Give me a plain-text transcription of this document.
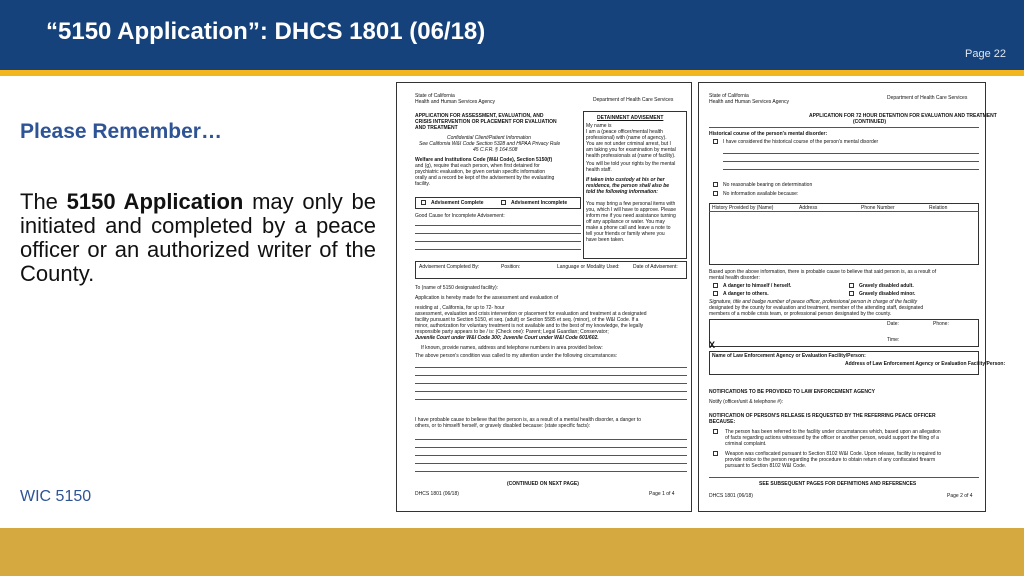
“5150 Application”: DHCS 1801 (06/18)
Page 22
Please Remember…
The 5150 Application may only be initiated and completed by a peace officer or an authorized writer of the County.
WIC 5150
State of California
Health and Human Services Agency	Department of Health Care Services
APPLICATION FOR ASSESSMENT, EVALUATION, AND
CRISIS INTERVENTION OR PLACEMENT FOR EVALUATION
AND TREATMENT
Confidential Client/Patient Information
See California W&I Code Section 5328 and HIPAA Privacy Rule
45 C.F.R. § 164.508
Welfare and Institutions Code (W&I Code), Section 5150(f)
and (g), require that each person, when first detained for
psychiatric evaluation, be given certain specific information
orally and a record be kept of the advisement by the evaluating
facility.
DETAINMENT ADVISEMENT
My name is
I am a (peace officer/mental health
professional) with (name of agency).
You are not under criminal arrest, but I
am taking you for examination by mental
health professionals at (name of facility).
You will be told your rights by the mental
health staff.
If taken into custody at his or her
residence, the person shall also be
told the following information:
You may bring a few personal items with
you, which I will have to approve. Please
inform me if you need assistance turning
off any appliance or water. You may
make a phone call and leave a note to
tell your friends or family where you
have been taken.
Advisement Complete	Advisement Incomplete
Good Cause for Incomplete Advisement:
Advisement Completed By:	Position:	Language or Modality Used:	Date of Advisement:
To (name of 5150 designated facility):
Application is hereby made for the assessment and evaluation of
residing at , California, for up to 72- hour
assessment, evaluation and crisis intervention or placement for evaluation and treatment at a designated
facility pursuant to Section 5150, et seq. (adult) or Section 5585 et seq. (minor), of the W&I Code. If a
minor, authorization for voluntary treatment is not available and to the best of my knowledge, the legally
responsible party appears to be / is: (Check one): Parent; Legal Guardian; Conservator;
Juvenile Court under W&I Code 300; Juvenile Court under W&I Code 601/602.
If known, provide names, address and telephone numbers in area provided below:
The above person's condition was called to my attention under the following circumstances:
I have probable cause to believe that the person is, as a result of a mental health disorder, a danger to
others, or to himself/ herself, or gravely disabled because: (state specific facts):
(CONTINUED ON NEXT PAGE)
DHCS 1801 (06/18)	Page 1 of 4
State of California
Health and Human Services Agency
Department of Health Care Services
APPLICATION FOR 72 HOUR DETENTION FOR EVALUATION AND TREATMENT
(CONTINUED)
Historical course of the person's mental disorder:
I have considered the historical course of the person's mental disorder
No reasonable bearing on determination
No information available because:
History Provided by (Name)	Address	Phone Number	Relation
Based upon the above information, there is probable cause to believe that said person is, as a result of
mental health disorder:
A danger to himself / herself.
A danger to others.
Gravely disabled adult.
Gravely disabled minor.
Signature, title and badge number of peace officer, professional person in charge of the facility
designated by the county for evaluation and treatment, member of the attending staff, designated
members of a mobile crisis team, or professional person designated by the county.
X
Date:	Phone:
Time:
Name of Law Enforcement Agency or Evaluation Facility/Person:
Address of Law Enforcement Agency or Evaluation Facility/Person:
NOTIFICATIONS TO BE PROVIDED TO LAW ENFORCEMENT AGENCY
Notify (officer/unit & telephone #):
NOTIFICATION OF PERSON'S RELEASE IS REQUESTED BY THE REFERRING PEACE OFFICER
BECAUSE:
The person has been referred to the facility under circumstances which, based upon an allegation
of facts regarding actions witnessed by the officer or another person, would support the filing of a
criminal complaint.
Weapon was confiscated pursuant to Section 8102 W&I Code. Upon release, facility is required to
provide notice to the person regarding the procedure to obtain return of any confiscated firearm
pursuant to Section 8102 W&I Code.
SEE SUBSEQUENT PAGES FOR DEFINITIONS AND REFERENCES
DHCS 1801 (06/18)	Page 2 of 4
